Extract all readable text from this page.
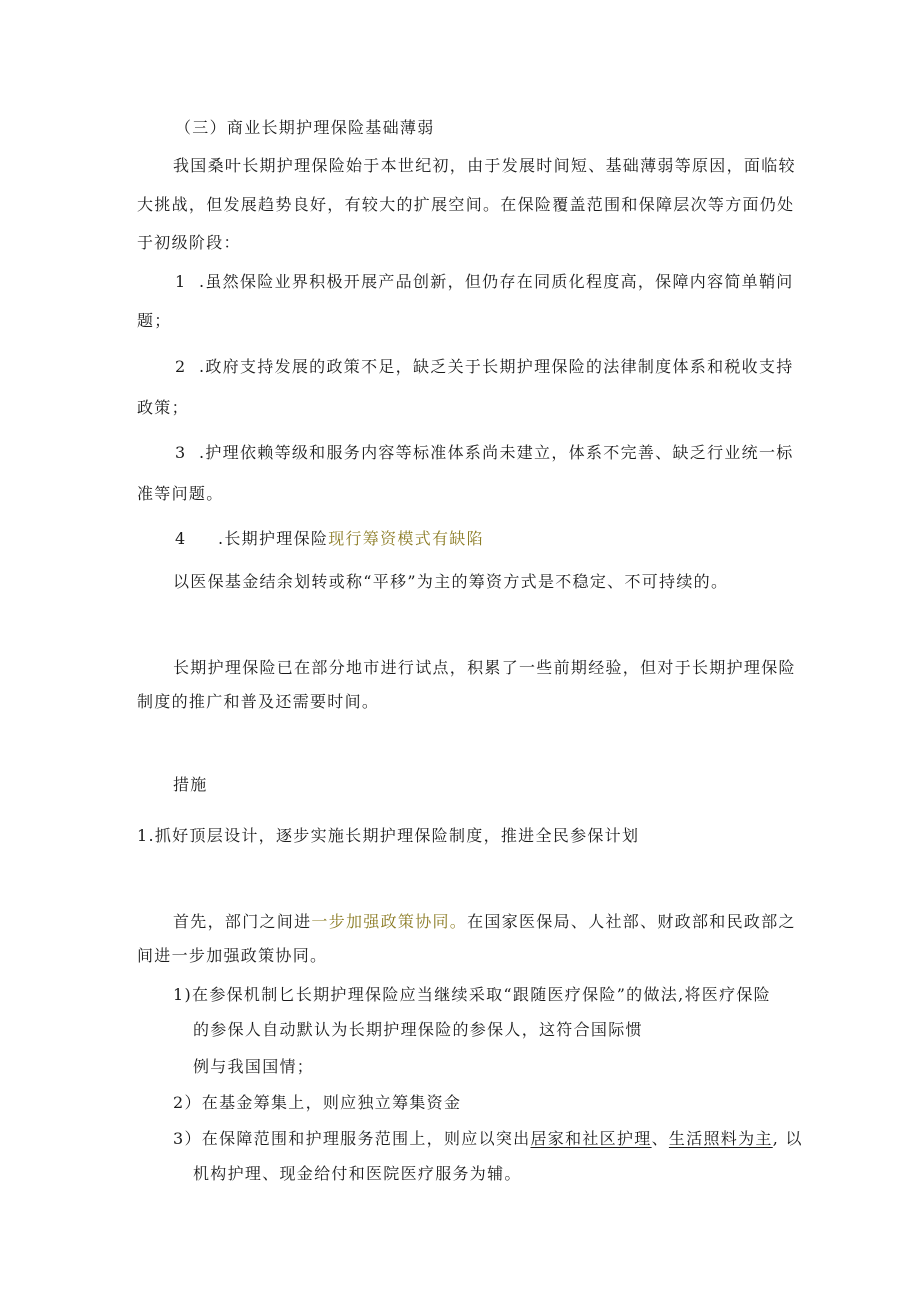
（三）商业长期护理保险基础薄弱

我国桑叶长期护理保险始于本世纪初，由于发展时间短、基础薄弱等原因，面临较

大挑战，但发展趋势良好，有较大的扩展空间。在保险覆盖范围和保障层次等方面仍处

于初级阶段：

1 .虽然保险业界积极开展产品创新，但仍存在同质化程度高，保障内容简单鞘问

题；

2 .政府支持发展的政策不足，缺乏关于长期护理保险的法律制度体系和税收支持

政策；

3 .护理依赖等级和服务内容等标准体系尚未建立，体系不完善、缺乏行业统一标

准等问题。

4 .长期护理保险现行筹资模式有缺陷

以医保基金结余划转或称“平移”为主的筹资方式是不稳定、不可持续的。

长期护理保险已在部分地市进行试点，积累了一些前期经验，但对于长期护理保险

制度的推广和普及还需要时间。

措施

1.抓好顶层设计，逐步实施长期护理保险制度，推进全民参保计划

首先，部门之间进一步加强政策协同。在国家医保局、人社部、财政部和民政部之

间进一步加强政策协同。

1)在参保机制匕长期护理保险应当继续采取“跟随医疗保险”的做法,将医疗保险

的参保人自动默认为长期护理保险的参保人，这符合国际惯

例与我国国情；

2）在基金筹集上，则应独立筹集资金

3）在保障范围和护理服务范围上，则应以突出居家和社区护理、生活照料为主, 以

机构护理、现金给付和医院医疗服务为辅。
